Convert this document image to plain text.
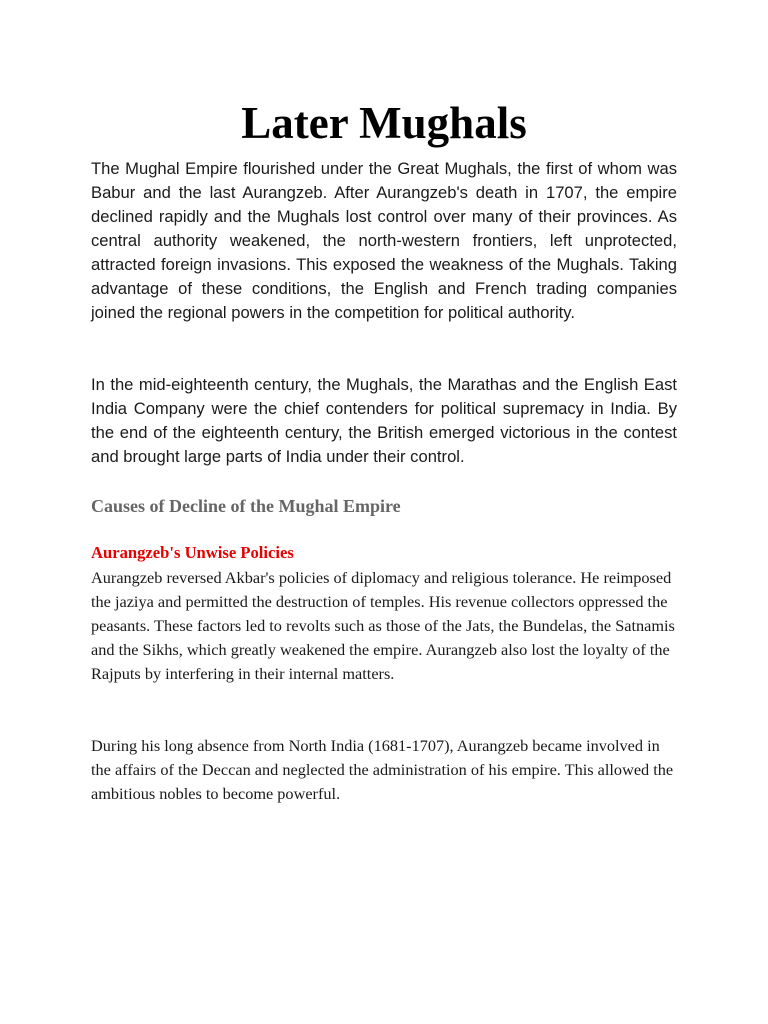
Later Mughals

The Mughal Empire flourished under the Great Mughals, the first of whom was Babur and the last Aurangzeb. After Aurangzeb's death in 1707, the empire declined rapidly and the Mughals lost control over many of their provinces. As central authority weakened, the north-western frontiers, left unprotected, attracted foreign invasions. This exposed the weakness of the Mughals. Taking advantage of these conditions, the English and French trading companies joined the regional powers in the competition for political authority.

In the mid-eighteenth century, the Mughals, the Marathas and the English East India Company were the chief contenders for political supremacy in India. By the end of the eighteenth century, the British emerged victorious in the contest and brought large parts of India under their control.

Causes of Decline of the Mughal Empire
Aurangzeb's Unwise Policies

Aurangzeb reversed Akbar's policies of diplomacy and religious tolerance. He reimposed the jaziya and permitted the destruction of temples. His revenue collectors oppressed the peasants. These factors led to revolts such as those of the Jats, the Bundelas, the Satnamis and the Sikhs, which greatly weakened the empire. Aurangzeb also lost the loyalty of the Rajputs by interfering in their internal matters.

During his long absence from North India (1681-1707), Aurangzeb became involved in the affairs of the Deccan and neglected the administration of his empire. This allowed the ambitious nobles to become powerful.
